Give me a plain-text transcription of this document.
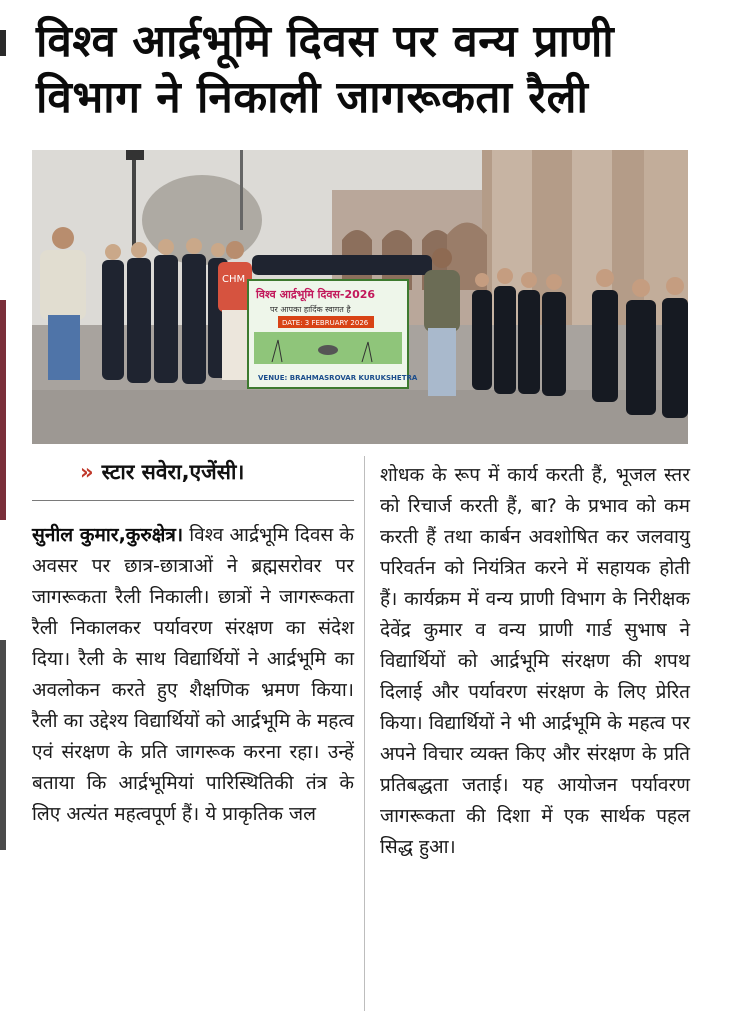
विश्व आर्द्रभूमि दिवस पर वन्य प्राणी
विभाग ने निकाली जागरूकता रैली
CHM
विश्व आर्द्रभूमि दिवस-2026
पर आपका हार्दिक स्वागत है
DATE: 3 FEBRUARY 2026
VENUE: BRAHMASROVAR KURUKSHETRA
» स्टार सवेरा,एजेंसी।

सुनील कुमार,कुरुक्षेत्र। विश्व आर्द्रभूमि दिवस के अवसर पर छात्र-छात्राओं ने ब्रह्मसरोवर पर जागरूकता रैली निकाली। छात्रों ने जागरूकता रैली निकालकर पर्यावरण संरक्षण का संदेश दिया। रैली के साथ विद्यार्थियों ने आर्द्रभूमि का अवलोकन करते हुए शैक्षणिक भ्रमण किया। रैली का उद्देश्य विद्यार्थियों को आर्द्रभूमि के महत्व एवं संरक्षण के प्रति जागरूक करना रहा। उन्हें बताया कि आर्द्रभूमियां पारिस्थितिकी तंत्र के लिए अत्यंत महत्वपूर्ण हैं। ये प्राकृतिक जल

शोधक के रूप में कार्य करती हैं, भूजल स्तर को रिचार्ज करती हैं, बा? के प्रभाव को कम करती हैं तथा कार्बन अवशोषित कर जलवायु परिवर्तन को नियंत्रित करने में सहायक होती हैं। कार्यक्रम में वन्य प्राणी विभाग के निरीक्षक देवेंद्र कुमार व वन्य प्राणी गार्ड सुभाष ने विद्यार्थियों को आर्द्रभूमि संरक्षण की शपथ दिलाई और पर्यावरण संरक्षण के लिए प्रेरित किया। विद्यार्थियों ने भी आर्द्रभूमि के महत्व पर अपने विचार व्यक्त किए और संरक्षण के प्रति प्रतिबद्धता जताई। यह आयोजन पर्यावरण जागरूकता की दिशा में एक सार्थक पहल सिद्ध हुआ।
